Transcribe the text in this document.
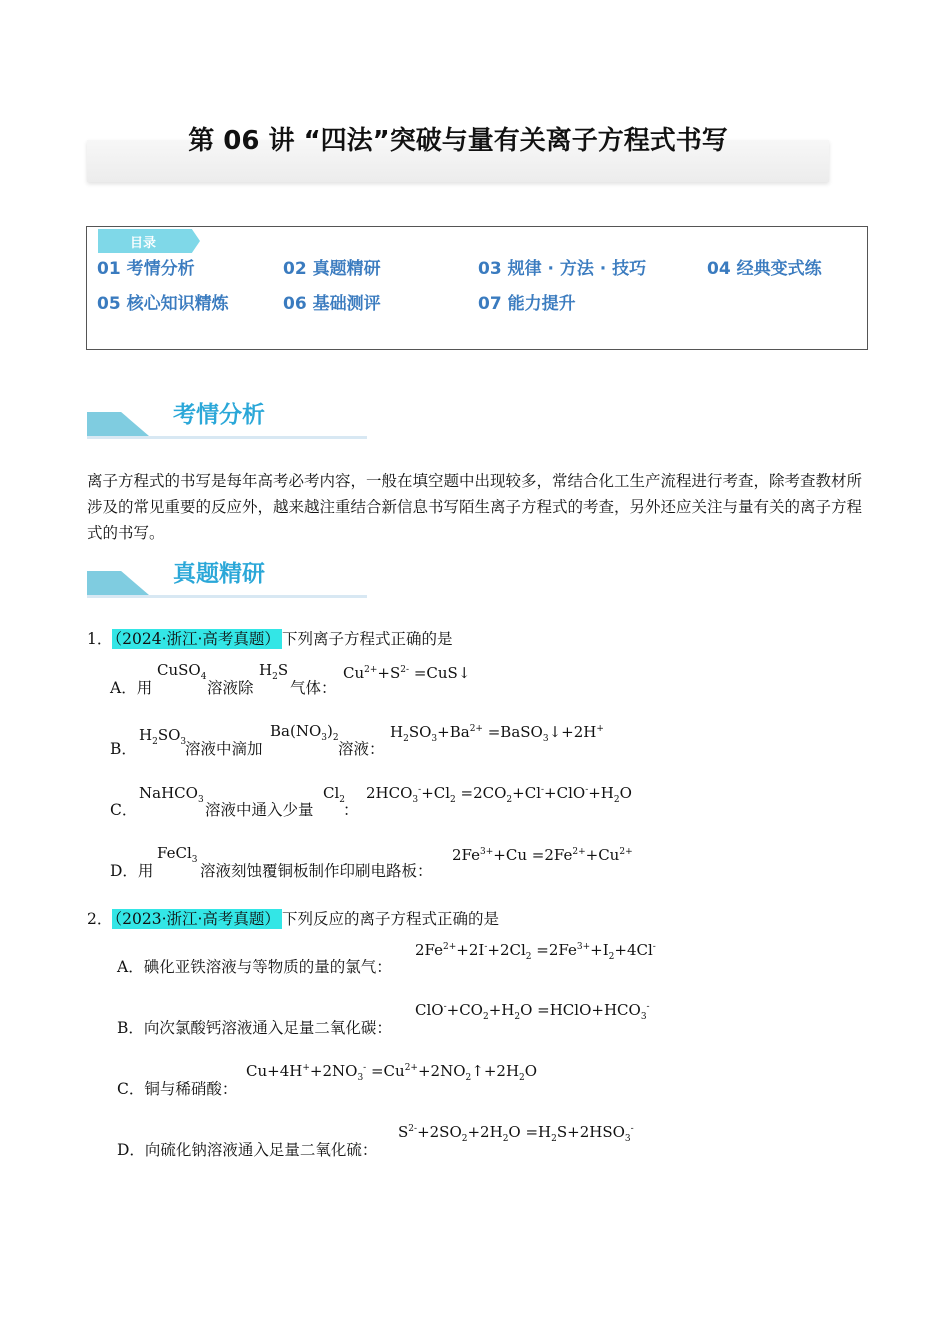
第 06 讲 “四法”突破与量有关离子方程式书写
目录
01 考情分析	02 真题精研	03 规律 · 方法 · 技巧	04 经典变式练
05 核心知识精炼	06 基础测评	07 能力提升
考情分析
离子方程式的书写是每年高考必考内容，一般在填空题中出现较多，常结合化工生产流程进行考查，除考查教材所涉及的常见重要的反应外，越来越注重结合新信息书写陌生离子方程式的考查，另外还应关注与量有关的离子方程式的书写。
真题精研
1． （2024·浙江·高考真题） 下列离子方程式正确的是
A．用
CuSO$_4$
溶液除
$H_2S$
气体：
$Cu^{2+}+S^{2-}$ =CuS↓
B．
$H_2SO_3$
溶液中滴加
$Ba(NO_3)_2$
溶液：
$H_2SO_3+Ba^{2+}$ =BaSO$_3$↓+2H+
C．
NaHCO$_3$
溶液中通入少量
$Cl_2$
：
$2HCO_3^-+Cl_2 =2CO_2+Cl^-+ClO^-+H_2O$
D．用
FeCl$_3$
溶液刻蚀覆铜板制作印刷电路板：
$2Fe^{3+}+Cu =2Fe^{2+}+Cu^{2+}$
2． （2023·浙江·高考真题） 下列反应的离子方程式正确的是
A．碘化亚铁溶液与等物质的量的氯气：
$2Fe^{2+}+2I^-+2Cl_2 =2Fe^{3+}+I_2+4Cl^-$
B．向次氯酸钙溶液通入足量二氧化碳：
$ClO^-+CO_2+H_2O$ $=HClO+HCO_3^-$
C．铜与稀硝酸：
$Cu+4H^++2NO_3^-$ $=Cu^{2+}+2NO_2↑+2H_2O$
D．向硫化钠溶液通入足量二氧化硫：
$S^{2-}+2SO_2+2H_2O =H_2S+2HSO_3^-$
